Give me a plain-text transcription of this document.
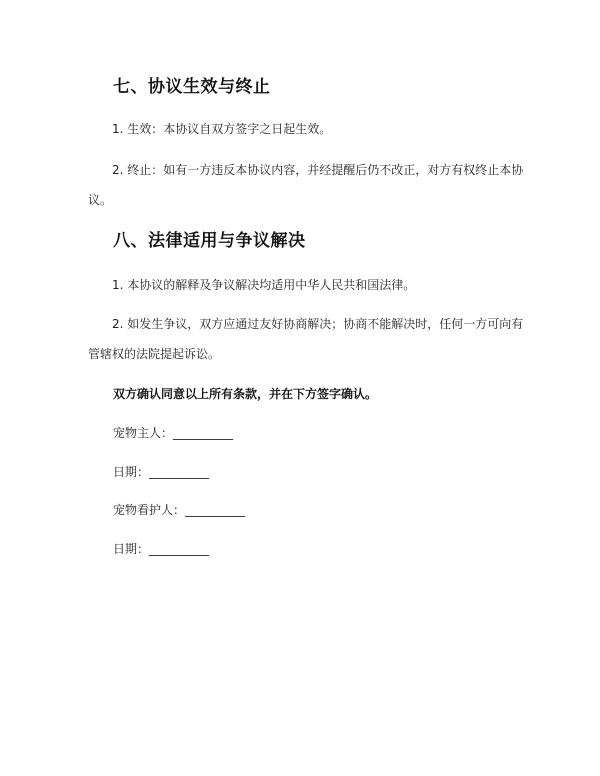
七、协议生效与终止
1. 生效：本协议自双方签字之日起生效。
2. 终止：如有一方违反本协议内容，并经提醒后仍不改正，对方有权终止本协议。
八、法律适用与争议解决
1. 本协议的解释及争议解决均适用中华人民共和国法律。
2. 如发生争议，双方应通过友好协商解决；协商不能解决时，任何一方可向有管辖权的法院提起诉讼。
双方确认同意以上所有条款，并在下方签字确认。
宠物主人：__________
日期：__________
宠物看护人：__________
日期：__________
